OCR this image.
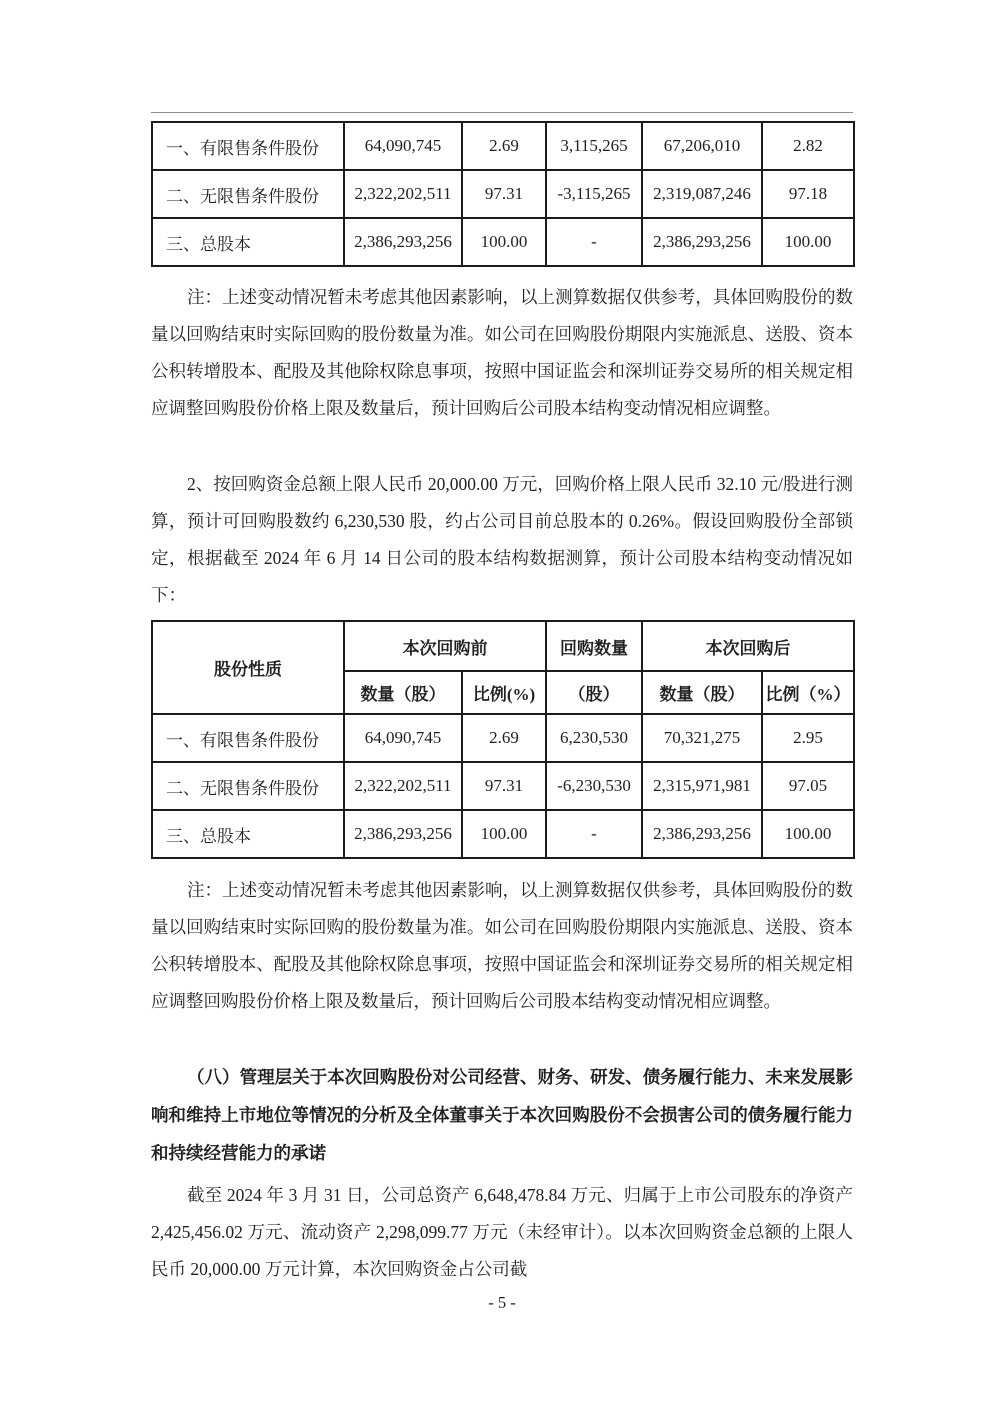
一、有限售条件股份	64,090,745	2.69	3,115,265	67,206,010	2.82
二、无限售条件股份	2,322,202,511	97.31	-3,115,265	2,319,087,246	97.18
三、总股本	2,386,293,256	100.00	-	2,386,293,256	100.00

注：上述变动情况暂未考虑其他因素影响，以上测算数据仅供参考，具体回购股份的数量以回购结束时实际回购的股份数量为准。如公司在回购股份期限内实施派息、送股、资本公积转增股本、配股及其他除权除息事项，按照中国证监会和深圳证券交易所的相关规定相应调整回购股份价格上限及数量后，预计回购后公司股本结构变动情况相应调整。

2、按回购资金总额上限人民币 20,000.00 万元，回购价格上限人民币 32.10 元/股进行测算，预计可回购股数约 6,230,530 股，约占公司目前总股本的 0.26%。假设回购股份全部锁定，根据截至 2024 年 6 月 14 日公司的股本结构数据测算，预计公司股本结构变动情况如下：

股份性质	本次回购前		回购数量	本次回购后	
	数量（股）	比例(%)	（股）	数量（股）	比例（%）
一、有限售条件股份	64,090,745	2.69	6,230,530	70,321,275	2.95
二、无限售条件股份	2,322,202,511	97.31	-6,230,530	2,315,971,981	97.05
三、总股本	2,386,293,256	100.00	-	2,386,293,256	100.00

注：上述变动情况暂未考虑其他因素影响，以上测算数据仅供参考，具体回购股份的数量以回购结束时实际回购的股份数量为准。如公司在回购股份期限内实施派息、送股、资本公积转增股本、配股及其他除权除息事项，按照中国证监会和深圳证券交易所的相关规定相应调整回购股份价格上限及数量后，预计回购后公司股本结构变动情况相应调整。

（八）管理层关于本次回购股份对公司经营、财务、研发、债务履行能力、未来发展影响和维持上市地位等情况的分析及全体董事关于本次回购股份不会损害公司的债务履行能力和持续经营能力的承诺

截至 2024 年 3 月 31 日，公司总资产 6,648,478.84 万元、归属于上市公司股东的净资产 2,425,456.02 万元、流动资产 2,298,099.77 万元（未经审计）。以本次回购资金总额的上限人民币 20,000.00 万元计算，本次回购资金占公司截

- 5 -
